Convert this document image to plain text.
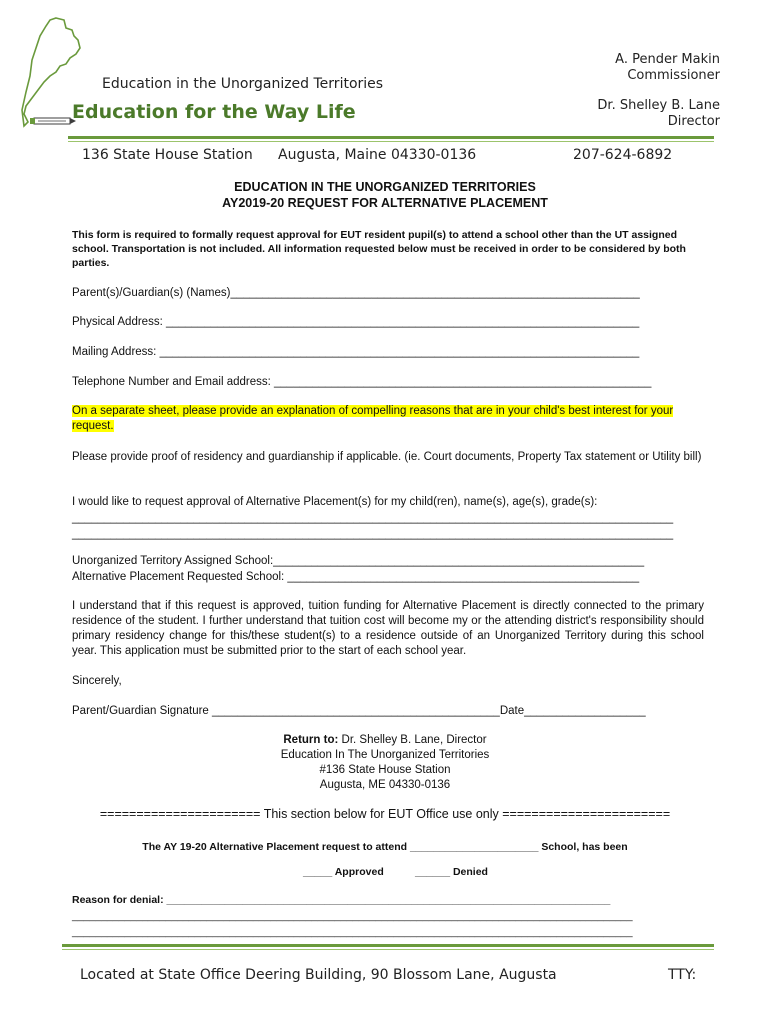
Education in the Unorganized Territories
Education for the Way Life
A. Pender Makin
Commissioner
Dr. Shelley B. Lane
Director
136 State House Station Augusta, Maine 04330-0136	207-624-6892
EDUCATION IN THE UNORGANIZED TERRITORIES
AY2019-20 REQUEST FOR ALTERNATIVE PLACEMENT
This form is required to formally request approval for EUT resident pupil(s) to attend a school other than the UT assigned school. Transportation is not included. All information requested below must be received in order to be considered by both parties.
Parent(s)/Guardian(s) (Names)________________________________________________________________
Physical Address: __________________________________________________________________________
Mailing Address: ___________________________________________________________________________
Telephone Number and Email address: ___________________________________________________________
On a separate sheet, please provide an explanation of compelling reasons that are in your child's best interest for your request.
Please provide proof of residency and guardianship if applicable. (ie. Court documents, Property Tax statement or Utility bill)
I would like to request approval of Alternative Placement(s) for my child(ren), name(s), age(s), grade(s):
______________________________________________________________________________________________
______________________________________________________________________________________________
Unorganized Territory Assigned School:__________________________________________________________
Alternative Placement Requested School: _______________________________________________________
I understand that if this request is approved, tuition funding for Alternative Placement is directly connected to the primary residence of the student. I further understand that tuition cost will become my or the attending district's responsibility should primary residency change for this/these student(s) to a residence outside of an Unorganized Territory during this school year. This application must be submitted prior to the start of each school year.
Sincerely,
Parent/Guardian Signature _____________________________________________Date___________________
Return to: Dr. Shelley B. Lane, Director
Education In The Unorganized Territories
#136 State House Station
Augusta, ME 04330-0136
====================== This section below for EUT Office use only =======================
The AY 19-20 Alternative Placement request to attend ______________________ School, has been
_____ Approved	______ Denied
Reason for denial: ____________________________________________________________________________
________________________________________________________________________________________________
________________________________________________________________________________________________
Located at State Office Deering Building, 90 Blossom Lane, Augusta	TTY:
